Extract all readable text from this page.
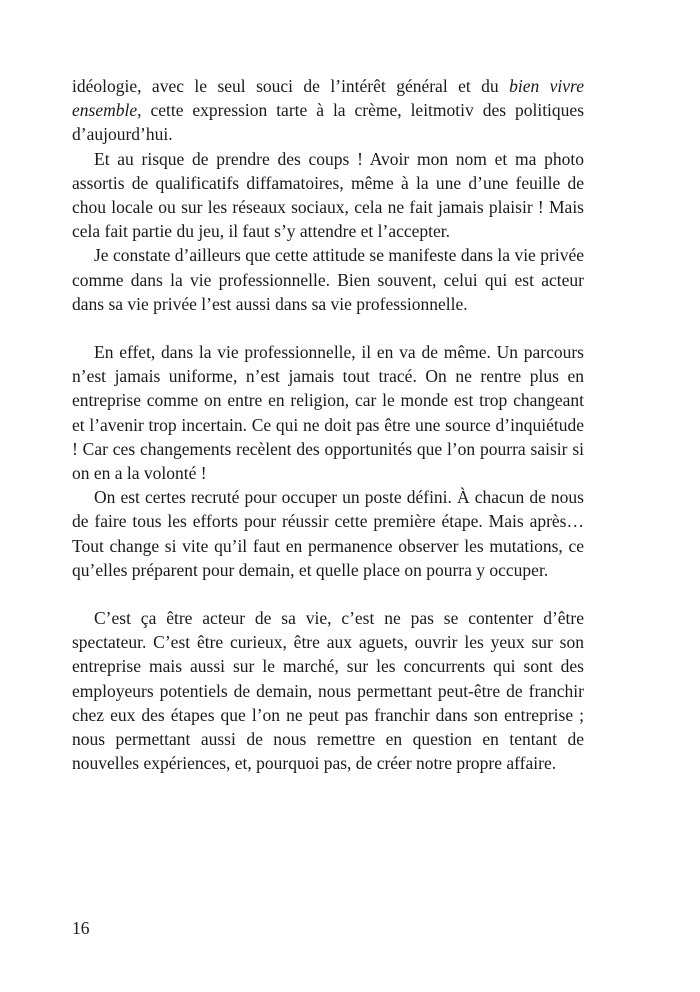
idéologie, avec le seul souci de l’intérêt général et du bien vivre ensemble, cette expression tarte à la crème, leitmotiv des politiques d’aujourd’hui.

Et au risque de prendre des coups ! Avoir mon nom et ma photo assortis de qualificatifs diffamatoires, même à la une d’une feuille de chou locale ou sur les réseaux sociaux, cela ne fait jamais plaisir ! Mais cela fait partie du jeu, il faut s’y attendre et l’accepter.

Je constate d’ailleurs que cette attitude se manifeste dans la vie privée comme dans la vie professionnelle. Bien souvent, celui qui est acteur dans sa vie privée l’est aussi dans sa vie professionnelle.

En effet, dans la vie professionnelle, il en va de même. Un parcours n’est jamais uniforme, n’est jamais tout tracé. On ne rentre plus en entreprise comme on entre en religion, car le monde est trop changeant et l’avenir trop incertain. Ce qui ne doit pas être une source d’inquiétude ! Car ces changements recèlent des opportunités que l’on pourra saisir si on en a la volonté !

On est certes recruté pour occuper un poste défini. À chacun de nous de faire tous les efforts pour réussir cette première étape. Mais après… Tout change si vite qu’il faut en permanence observer les mutations, ce qu’elles préparent pour demain, et quelle place on pourra y occuper.

C’est ça être acteur de sa vie, c’est ne pas se contenter d’être spectateur. C’est être curieux, être aux aguets, ouvrir les yeux sur son entreprise mais aussi sur le marché, sur les concurrents qui sont des employeurs potentiels de demain, nous permettant peut-être de franchir chez eux des étapes que l’on ne peut pas franchir dans son entreprise ; nous permettant aussi de nous remettre en question en tentant de nouvelles expériences, et, pourquoi pas, de créer notre propre affaire.

16
